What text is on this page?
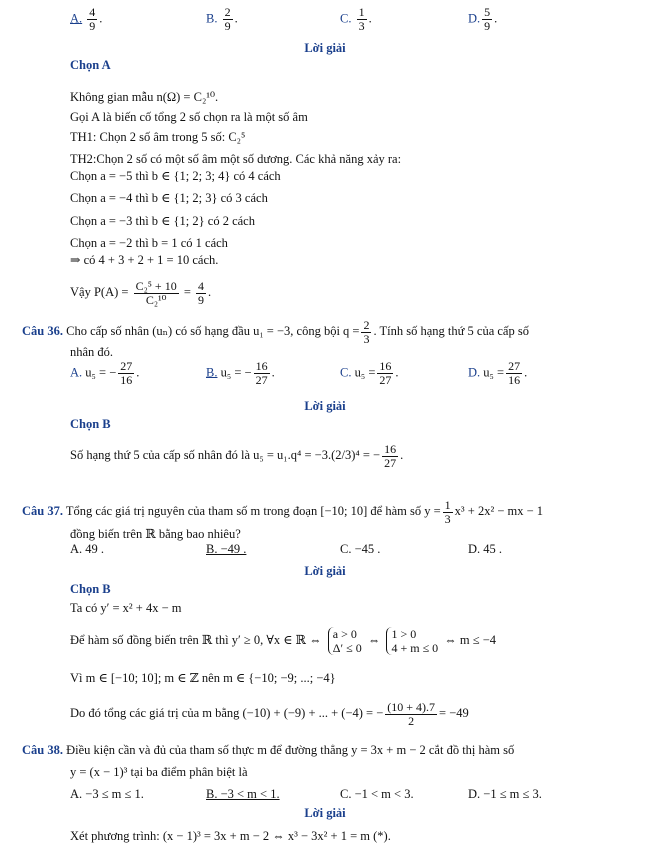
A. $\frac{4}{9}$ .	B. $\frac{2}{9}$ .	C. $\frac{1}{3}$ .	D. $\frac{5}{9}$ .
Lời giải
Chọn A
Không gian mẫu n(Ω) = C₂¹⁰.
Gọi A là biến cố tổng 2 số chọn ra là một số âm
TH1: Chọn 2 số âm trong 5 số: C₂⁵
TH2:Chọn 2 số có một số âm một số dương. Các khả năng xảy ra:
Chọn a = −5 thì b ∈ {1; 2; 3; 4} có 4 cách
Chọn a = −4 thì b ∈ {1; 2; 3} có 3 cách
Chọn a = −3 thì b ∈ {1; 2} có 2 cách
Chọn a = −2 thì b = 1 có 1 cách
⇒ có 4 + 3 + 2 + 1 = 10 cách.
Vậy $P(A) = \frac{\text{C₂⁵ + 10}}{\text{C₂¹⁰}} = \frac{4}{9}$ .
Câu 36. Cho cấp số nhân (uₙ) có số hạng đầu u₁ = −3, công bội $q = \frac{2}{3}$ . Tính số hạng thứ 5 của cấp số
nhân đó.
A. u₅ = − $\frac{27}{16}$ .	B. u₅ = − $\frac{16}{27}$ .	C. $u_5 = \frac{16}{27}$ .	D. $u_5 = \frac{27}{16}$ .
Lời giải
Chọn B
Số hạng thứ 5 của cấp số nhân đó là u₅ = u₁.q⁴ = −3.(2/3)⁴ = − $\frac{16}{27}$ .
Câu 37. Tổng các giá trị nguyên của tham số m trong đoạn [−10; 10] để hàm số $y = \frac{1}{3} x^3 + 2x^2$ − mx − 1
đồng biến trên ℝ bằng bao nhiêu?
A. 49 .	B. −49 .	C. −45 .	D. 45 .
Lời giải
Chọn B
Ta có y′ = x² + 4x − m
Để hàm số đồng biến trên ℝ thì y′ ≥ 0, ∀x ∈ ℝ ⇔ a > 0
Δ′ ≤ 0 ⇔ 1 > 0
4 + m ≤ 0 ⇔ m ≤ −4
Vì m ∈ [−10; 10]; m ∈ ℤ nên m ∈ {−10; −9; ...; −4}
Do đó tổng các giá trị của m bằng (−10) + (−9) + ... + (−4) = − $\frac{(10 + 4).7}{2} = -49$
Câu 38. Điều kiện cần và đủ của tham số thực m để đường thẳng y = 3x + m − 2 cắt đồ thị hàm số
y = (x − 1)³ tại ba điểm phân biệt là
A. −3 ≤ m ≤ 1.	B. −3 < m < 1.	C. −1 < m < 3.	D. −1 ≤ m ≤ 3.
Lời giải
Xét phương trình: (x − 1)³ = 3x + m − 2 ⇔ x³ − 3x² + 1 = m (*).
